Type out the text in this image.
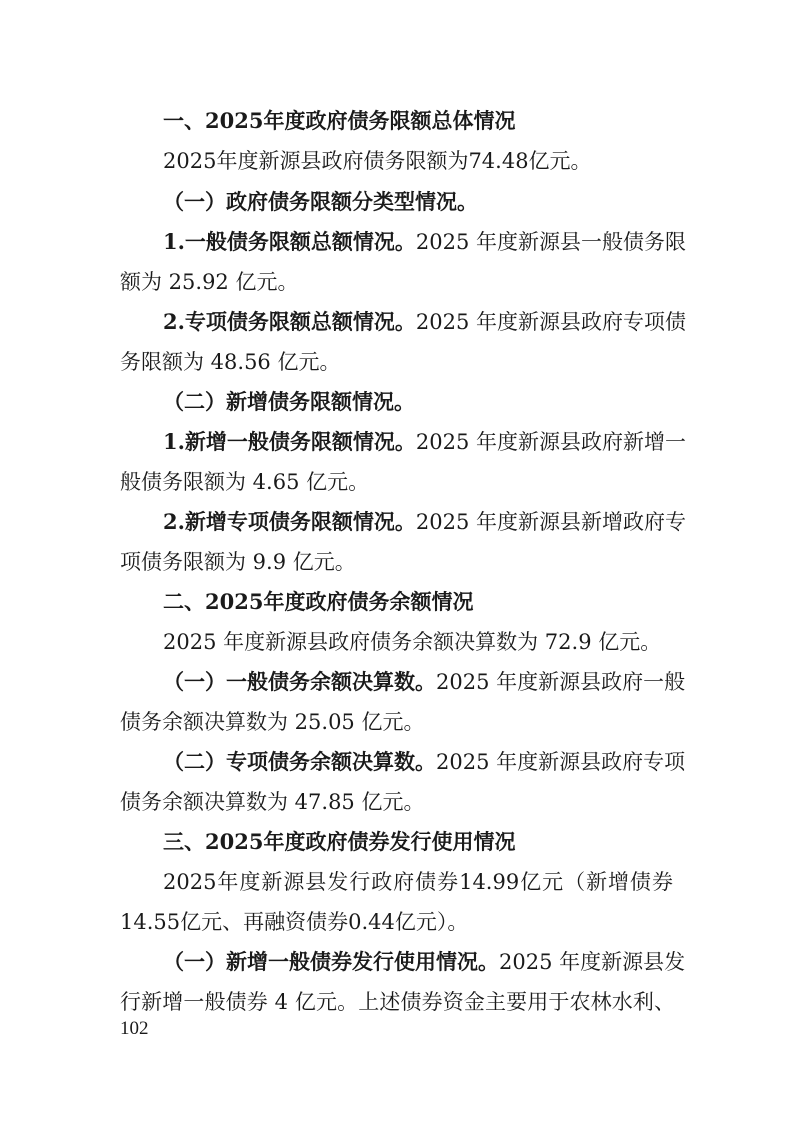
一、2025年度政府债务限额总体情况
2025年度新源县政府债务限额为74.48亿元。
（一）政府债务限额分类型情况。
1.一般债务限额总额情况。2025 年度新源县一般债务限
额为 25.92 亿元。
2.专项债务限额总额情况。2025 年度新源县政府专项债
务限额为 48.56 亿元。
（二）新增债务限额情况。
1.新增一般债务限额情况。2025 年度新源县政府新增一
般债务限额为 4.65 亿元。
2.新增专项债务限额情况。2025 年度新源县新增政府专
项债务限额为 9.9 亿元。
二、2025年度政府债务余额情况
2025 年度新源县政府债务余额决算数为 72.9 亿元。
（一）一般债务余额决算数。2025 年度新源县政府一般
债务余额决算数为 25.05 亿元。
（二）专项债务余额决算数。2025 年度新源县政府专项
债务余额决算数为 47.85 亿元。
三、2025年度政府债券发行使用情况
2025年度新源县发行政府债券14.99亿元（新增债券
14.55亿元、再融资债券0.44亿元）。
（一）新增一般债券发行使用情况。2025 年度新源县发
行新增一般债券 4 亿元。上述债券资金主要用于农林水利、
102
